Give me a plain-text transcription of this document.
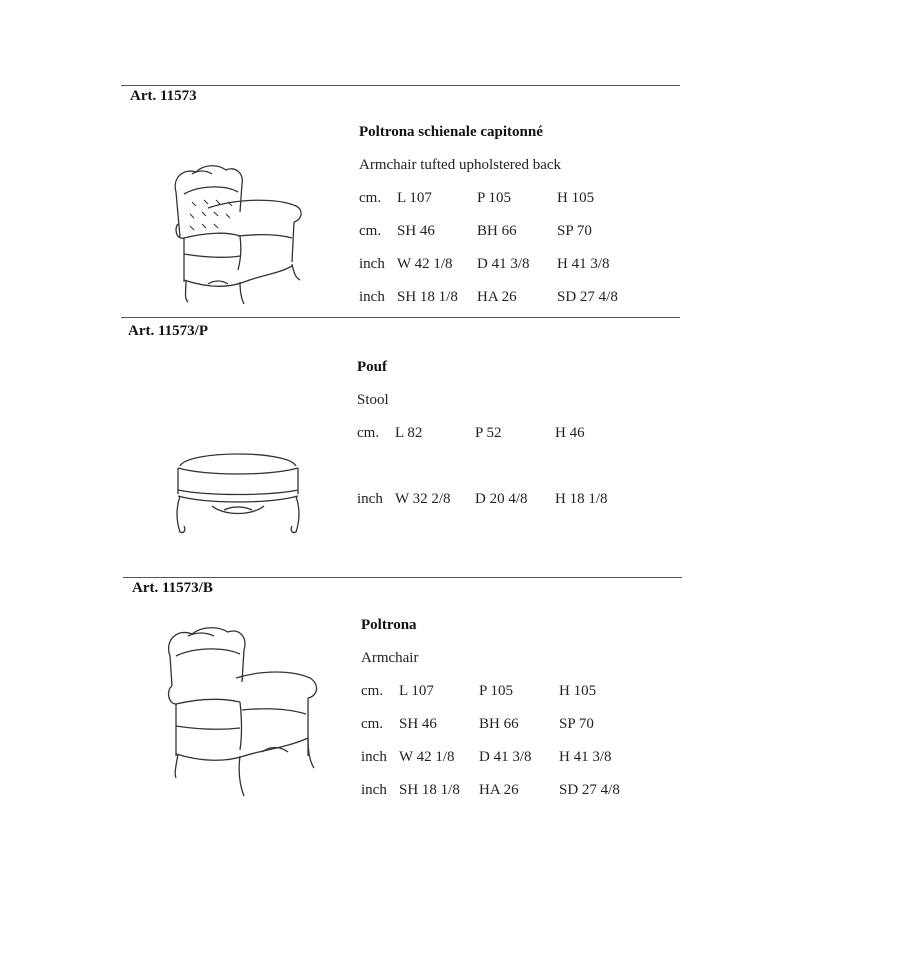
Art. 11573
Poltrona schienale capitonné
Armchair tufted upholstered back
cm. L 107	P 105	H 105
cm. SH 46	BH 66	SP 70
inch W 42 1/8 D 41 3/8 H 41 3/8
inch SH 18 1/8 HA 26	SD 27 4/8
Art. 11573/P
Pouf
Stool
cm. L 82	P 52	H 46
inch W 32 2/8 D 20 4/8 H 18 1/8
Art. 11573/B
Poltrona
Armchair
cm. L 107	P 105	H 105
cm. SH 46	BH 66	SP 70
inch W 42 1/8 D 41 3/8 H 41 3/8
inch SH 18 1/8 HA 26	SD 27 4/8
